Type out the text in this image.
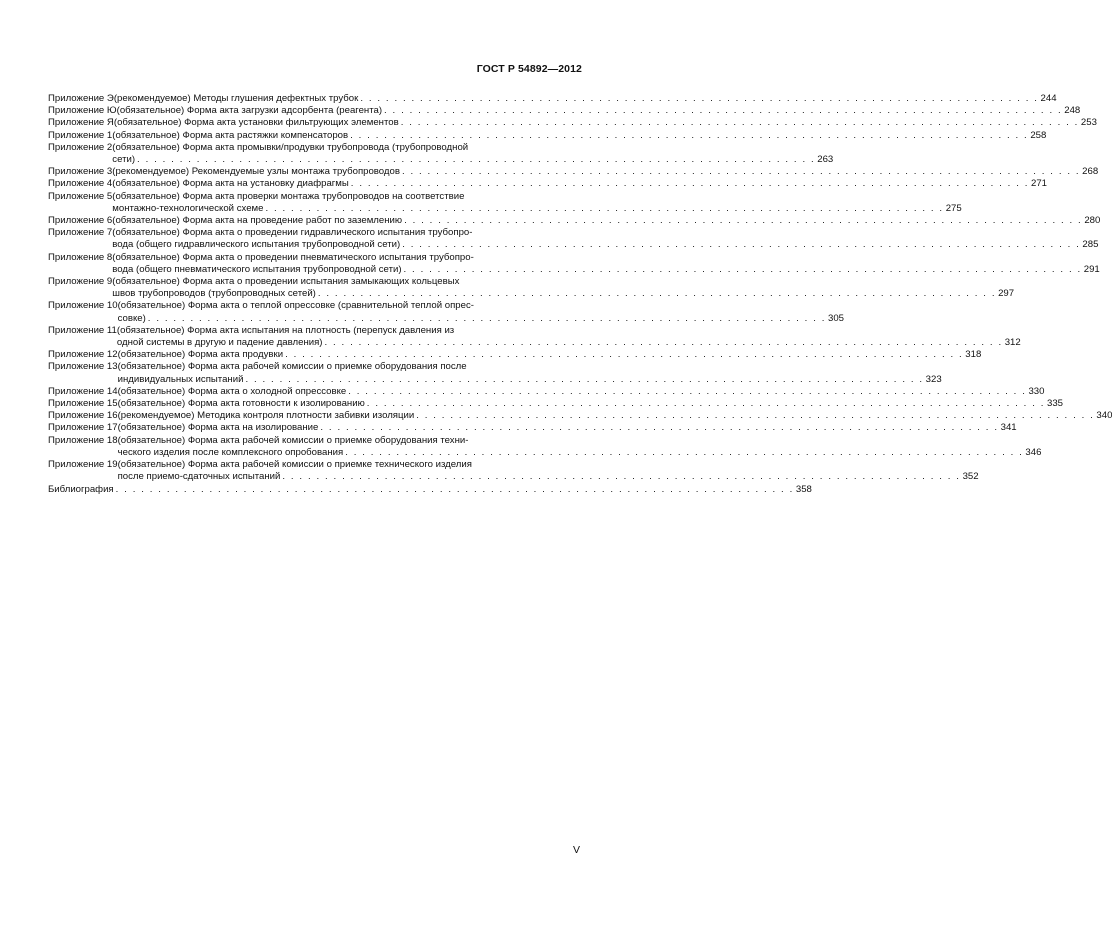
ГОСТ Р 54892—2012
Приложение Э (рекомендуемое) Методы глушения дефектных трубок . . . . . . . . . . . . . . . . . . . . . . . . . . . . . . . . . . . . . . . . . . . . . . . . . . . . . . . . . . . . . . . . . . . . . . . . . . . . . . . . 244
Приложение Ю (обязательное) Форма акта загрузки адсорбента (реагента) . . . . . . . . . . . . . . . . . . . . . . . . . . . . . . . . . . . . . . . . . . . . . . . . . . . . . . . . . . . . . . . . . . . . . . . . . . . . . . . . 248
Приложение Я (обязательное) Форма акта установки фильтрующих элементов . . . . . . . . . . . . . . . . . . . . . . . . . . . . . . . . . . . . . . . . . . . . . . . . . . . . . . . . . . . . . . . . . . . . . . . . . . . . . . . . 253
Приложение 1 (обязательное) Форма акта растяжки компенсаторов . . . . . . . . . . . . . . . . . . . . . . . . . . . . . . . . . . . . . . . . . . . . . . . . . . . . . . . . . . . . . . . . . . . . . . . . . . . . . . . . 258
Приложение 2 (обязательное) Форма акта промывки/продувки трубопровода (трубопроводной
сети) . . . . . . . . . . . . . . . . . . . . . . . . . . . . . . . . . . . . . . . . . . . . . . . . . . . . . . . . . . . . . . . . . . . . . . . . . . . . . . . . 263
Приложение 3 (рекомендуемое) Рекомендуемые узлы монтажа трубопроводов . . . . . . . . . . . . . . . . . . . . . . . . . . . . . . . . . . . . . . . . . . . . . . . . . . . . . . . . . . . . . . . . . . . . . . . . . . . . . . . . 268
Приложение 4 (обязательное) Форма акта на установку диафрагмы . . . . . . . . . . . . . . . . . . . . . . . . . . . . . . . . . . . . . . . . . . . . . . . . . . . . . . . . . . . . . . . . . . . . . . . . . . . . . . . . 271
Приложение 5 (обязательное) Форма акта проверки монтажа трубопроводов на соответствие
монтажно-технологической схеме . . . . . . . . . . . . . . . . . . . . . . . . . . . . . . . . . . . . . . . . . . . . . . . . . . . . . . . . . . . . . . . . . . . . . . . . . . . . . . . . 275
Приложение 6 (обязательное) Форма акта на проведение работ по заземлению . . . . . . . . . . . . . . . . . . . . . . . . . . . . . . . . . . . . . . . . . . . . . . . . . . . . . . . . . . . . . . . . . . . . . . . . . . . . . . . . 280
Приложение 7 (обязательное) Форма акта о проведении гидравлического испытания трубопро-
вода (общего гидравлического испытания трубопроводной сети) . . . . . . . . . . . . . . . . . . . . . . . . . . . . . . . . . . . . . . . . . . . . . . . . . . . . . . . . . . . . . . . . . . . . . . . . . . . . . . . . 285
Приложение 8 (обязательное) Форма акта о проведении пневматического испытания трубопро-
вода (общего пневматического испытания трубопроводной сети) . . . . . . . . . . . . . . . . . . . . . . . . . . . . . . . . . . . . . . . . . . . . . . . . . . . . . . . . . . . . . . . . . . . . . . . . . . . . . . . . 291
Приложение 9 (обязательное) Форма акта о проведении испытания замыкающих кольцевых
швов трубопроводов (трубопроводных сетей) . . . . . . . . . . . . . . . . . . . . . . . . . . . . . . . . . . . . . . . . . . . . . . . . . . . . . . . . . . . . . . . . . . . . . . . . . . . . . . . . 297
Приложение 10 (обязательное) Форма акта о теплой опрессовке (сравнительной теплой опрес-
совке) . . . . . . . . . . . . . . . . . . . . . . . . . . . . . . . . . . . . . . . . . . . . . . . . . . . . . . . . . . . . . . . . . . . . . . . . . . . . . . . . 305
Приложение 11 (обязательное) Форма акта испытания на плотность (перепуск давления из
одной системы в другую и падение давления) . . . . . . . . . . . . . . . . . . . . . . . . . . . . . . . . . . . . . . . . . . . . . . . . . . . . . . . . . . . . . . . . . . . . . . . . . . . . . . . . 312
Приложение 12 (обязательное) Форма акта продувки . . . . . . . . . . . . . . . . . . . . . . . . . . . . . . . . . . . . . . . . . . . . . . . . . . . . . . . . . . . . . . . . . . . . . . . . . . . . . . . . 318
Приложение 13 (обязательное) Форма акта рабочей комиссии о приемке оборудования после
индивидуальных испытаний . . . . . . . . . . . . . . . . . . . . . . . . . . . . . . . . . . . . . . . . . . . . . . . . . . . . . . . . . . . . . . . . . . . . . . . . . . . . . . . . 323
Приложение 14 (обязательное) Форма акта о холодной опрессовке . . . . . . . . . . . . . . . . . . . . . . . . . . . . . . . . . . . . . . . . . . . . . . . . . . . . . . . . . . . . . . . . . . . . . . . . . . . . . . . . 330
Приложение 15 (обязательное) Форма акта готовности к изолированию . . . . . . . . . . . . . . . . . . . . . . . . . . . . . . . . . . . . . . . . . . . . . . . . . . . . . . . . . . . . . . . . . . . . . . . . . . . . . . . . 335
Приложение 16 (рекомендуемое) Методика контроля плотности забивки изоляции . . . . . . . . . . . . . . . . . . . . . . . . . . . . . . . . . . . . . . . . . . . . . . . . . . . . . . . . . . . . . . . . . . . . . . . . . . . . . . . . 340
Приложение 17 (обязательное) Форма акта на изолирование . . . . . . . . . . . . . . . . . . . . . . . . . . . . . . . . . . . . . . . . . . . . . . . . . . . . . . . . . . . . . . . . . . . . . . . . . . . . . . . . 341
Приложение 18 (обязательное) Форма акта рабочей комиссии о приемке оборудования техни-
ческого изделия после комплексного опробования . . . . . . . . . . . . . . . . . . . . . . . . . . . . . . . . . . . . . . . . . . . . . . . . . . . . . . . . . . . . . . . . . . . . . . . . . . . . . . . . 346
Приложение 19 (обязательное) Форма акта рабочей комиссии о приемке технического изделия
после приемо-сдаточных испытаний . . . . . . . . . . . . . . . . . . . . . . . . . . . . . . . . . . . . . . . . . . . . . . . . . . . . . . . . . . . . . . . . . . . . . . . . . . . . . . . . 352
Библиография . . . . . . . . . . . . . . . . . . . . . . . . . . . . . . . . . . . . . . . . . . . . . . . . . . . . . . . . . . . . . . . . . . . . . . . . . . . . . . . . 358
V
